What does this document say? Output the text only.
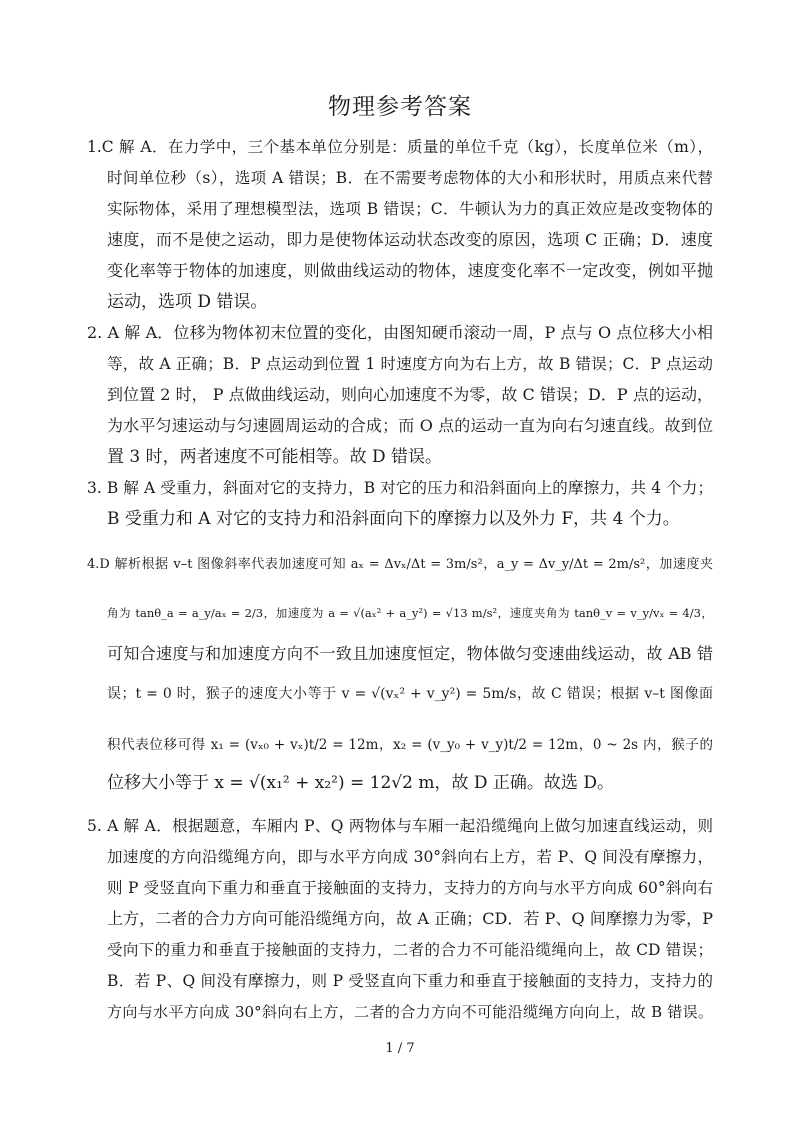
物理参考答案
1.C 解 A．在力学中，三个基本单位分别是：质量的单位千克（kg），长度单位米（m），
时间单位秒（s），选项 A 错误；B．在不需要考虑物体的大小和形状时，用质点来代替
实际物体，采用了理想模型法，选项 B 错误；C．牛顿认为力的真正效应是改变物体的
速度，而不是使之运动，即力是使物体运动状态改变的原因，选项 C 正确；D．速度
变化率等于物体的加速度，则做曲线运动的物体，速度变化率不一定改变，例如平抛
运动，选项 D 错误。
2. A 解 A．位移为物体初末位置的变化，由图知硬币滚动一周，P 点与 O 点位移大小相
等，故 A 正确；B．P 点运动到位置 1 时速度方向为右上方，故 B 错误；C．P 点运动
到位置 2 时， P 点做曲线运动，则向心加速度不为零，故 C 错误；D．P 点的运动，
为水平匀速运动与匀速圆周运动的合成；而 O 点的运动一直为向右匀速直线。故到位
置 3 时，两者速度不可能相等。故 D 错误。
3. B 解 A 受重力，斜面对它的支持力，B 对它的压力和沿斜面向上的摩擦力，共 4 个力；
B 受重力和 A 对它的支持力和沿斜面向下的摩擦力以及外力 F，共 4 个力。
4.D 解析根据 v–t 图像斜率代表加速度可知 aₓ = Δvₓ/Δt = 3m/s²，a_y = Δv_y/Δt = 2m/s²，加速度夹
角为 tanθ_a = a_y/aₓ = 2/3，加速度为 a = √(aₓ² + a_y²) = √13 m/s²，速度夹角为 tanθ_v = v_y/vₓ = 4/3，
可知合速度与和加速度方向不一致且加速度恒定，物体做匀变速曲线运动，故 AB 错
误；t = 0 时，猴子的速度大小等于 v = √(vₓ² + v_y²) = 5m/s，故 C 错误；根据 v–t 图像面
积代表位移可得 x₁ = (vₓ₀ + vₓ)t/2 = 12m，x₂ = (v_y₀ + v_y)t/2 = 12m，0 ~ 2s 内，猴子的
位移大小等于 x = √(x₁² + x₂²) = 12√2 m，故 D 正确。故选 D。
5. A 解 A．根据题意，车厢内 P、Q 两物体与车厢一起沿缆绳向上做匀加速直线运动，则
加速度的方向沿缆绳方向，即与水平方向成 30°斜向右上方，若 P、Q 间没有摩擦力，
则 P 受竖直向下重力和垂直于接触面的支持力，支持力的方向与水平方向成 60°斜向右
上方，二者的合力方向可能沿缆绳方向，故 A 正确；CD．若 P、Q 间摩擦力为零，P
受向下的重力和垂直于接触面的支持力，二者的合力不可能沿缆绳向上，故 CD 错误；
B．若 P、Q 间没有摩擦力，则 P 受竖直向下重力和垂直于接触面的支持力，支持力的
方向与水平方向成 30°斜向右上方，二者的合力方向不可能沿缆绳方向向上，故 B 错误。
1 / 7
